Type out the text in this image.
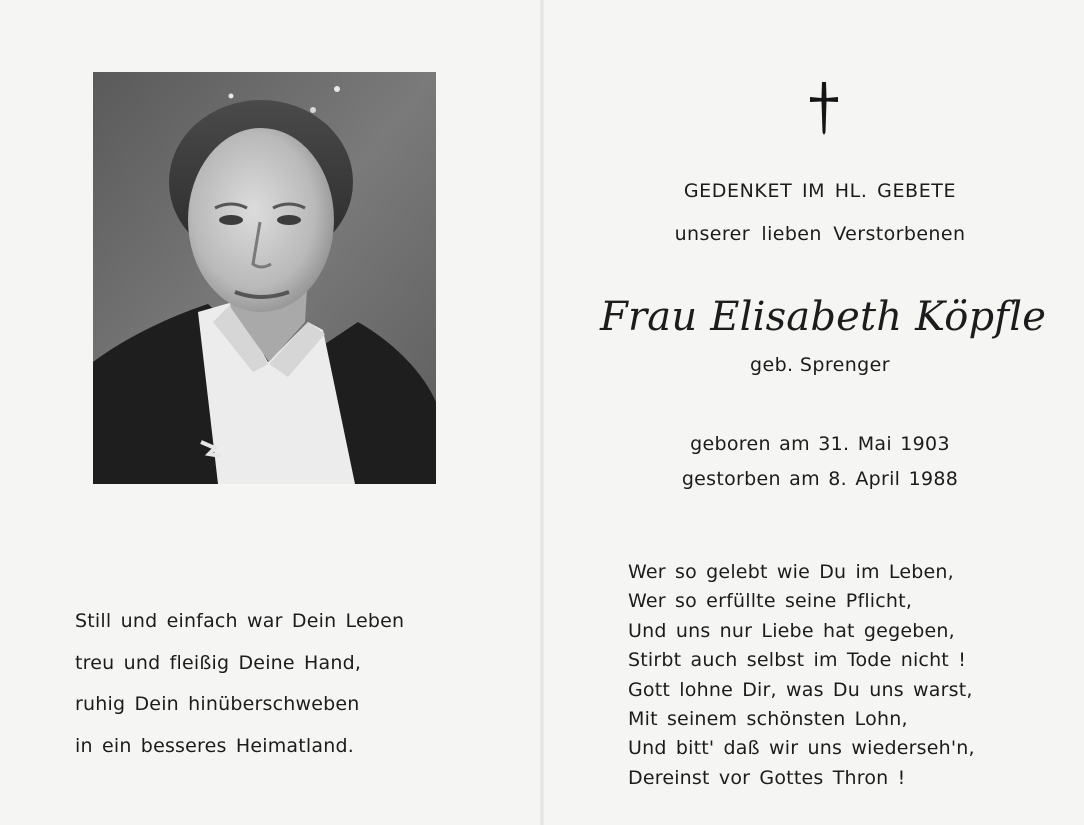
Still und einfach war Dein Leben
treu und fleißig Deine Hand,
ruhig Dein hinüberschweben
in ein besseres Heimatland.
GEDENKET IM HL. GEBETE
unserer lieben Verstorbenen
Frau Elisabeth Köpfle
geb. Sprenger
geboren am 31. Mai 1903
gestorben am 8. April 1988
Wer so gelebt wie Du im Leben,
Wer so erfüllte seine Pflicht,
Und uns nur Liebe hat gegeben,
Stirbt auch selbst im Tode nicht !
Gott lohne Dir, was Du uns warst,
Mit seinem schönsten Lohn,
Und bitt' daß wir uns wiederseh'n,
Dereinst vor Gottes Thron !
